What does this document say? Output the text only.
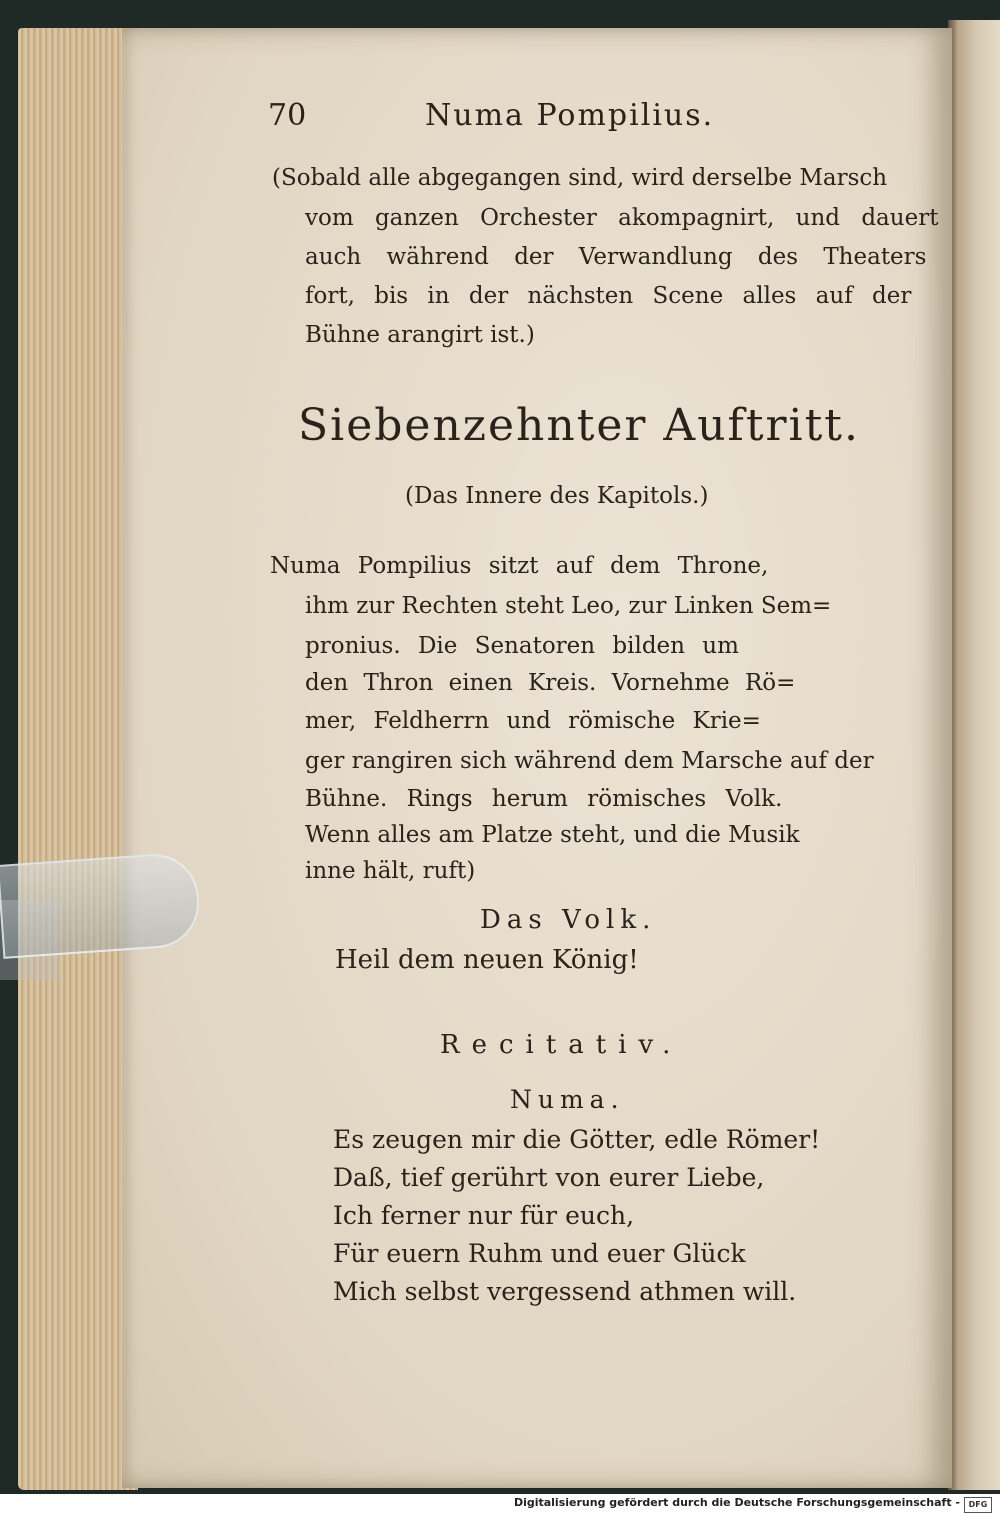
70	Numa Pompilius.
(Sobald alle abgegangen sind, wird derselbe Marsch
vom ganzen Orchester akompagnirt, und dauert
auch während der Verwandlung des Theaters
fort, bis in der nächsten Scene alles auf der
Bühne arangirt ist.)
Siebenzehnter Auftritt.
(Das Innere des Kapitols.)
Numa Pompilius sitzt auf dem Throne,
ihm zur Rechten steht Leo, zur Linken Sem=
pronius. Die Senatoren bilden um
den Thron einen Kreis. Vornehme Rö=
mer, Feldherrn und römische Krie=
ger rangiren sich während dem Marsche auf der
Bühne. Rings herum römisches Volk.
Wenn alles am Platze steht, und die Musik
inne hält, ruft)
Das Volk.
Heil dem neuen König!
Recitativ.
Numa.
Es zeugen mir die Götter, edle Römer!
Daß, tief gerührt von eurer Liebe,
Ich ferner nur für euch,
Für euern Ruhm und euer Glück
Mich selbst vergessend athmen will.
Digitalisierung gefördert durch die Deutsche Forschungsgemeinschaft -	DFG
